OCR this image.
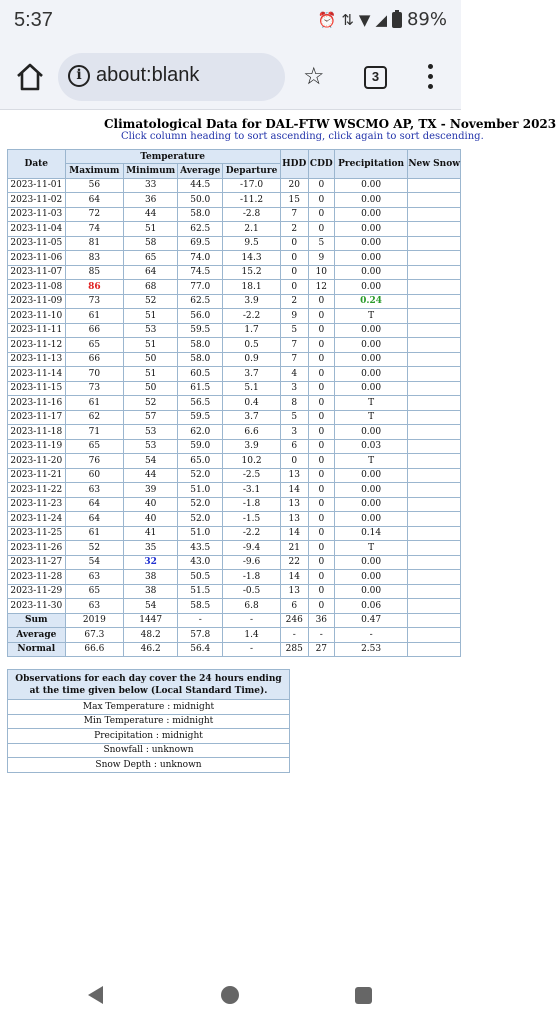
5:37	⏰ ⇅ ▼ ◢ 89%
i about:blank	☆	3
Climatological Data for DAL-FTW WSCMO AP, TX - November 2023
Click column heading to sort ascending, click again to sort descending.
Date	Temperature				HDD	CDD	Precipitation	New Snow
	Maximum	Minimum	Average	Departure				
2023-11-01	56	33	44.5	-17.0	20	0	0.00	
2023-11-02	64	36	50.0	-11.2	15	0	0.00	
2023-11-03	72	44	58.0	-2.8	7	0	0.00	
2023-11-04	74	51	62.5	2.1	2	0	0.00	
2023-11-05	81	58	69.5	9.5	0	5	0.00	
2023-11-06	83	65	74.0	14.3	0	9	0.00	
2023-11-07	85	64	74.5	15.2	0	10	0.00	
2023-11-08	86	68	77.0	18.1	0	12	0.00	
2023-11-09	73	52	62.5	3.9	2	0	0.24	
2023-11-10	61	51	56.0	-2.2	9	0	T	
2023-11-11	66	53	59.5	1.7	5	0	0.00	
2023-11-12	65	51	58.0	0.5	7	0	0.00	
2023-11-13	66	50	58.0	0.9	7	0	0.00	
2023-11-14	70	51	60.5	3.7	4	0	0.00	
2023-11-15	73	50	61.5	5.1	3	0	0.00	
2023-11-16	61	52	56.5	0.4	8	0	T	
2023-11-17	62	57	59.5	3.7	5	0	T	
2023-11-18	71	53	62.0	6.6	3	0	0.00	
2023-11-19	65	53	59.0	3.9	6	0	0.03	
2023-11-20	76	54	65.0	10.2	0	0	T	
2023-11-21	60	44	52.0	-2.5	13	0	0.00	
2023-11-22	63	39	51.0	-3.1	14	0	0.00	
2023-11-23	64	40	52.0	-1.8	13	0	0.00	
2023-11-24	64	40	52.0	-1.5	13	0	0.00	
2023-11-25	61	41	51.0	-2.2	14	0	0.14	
2023-11-26	52	35	43.5	-9.4	21	0	T	
2023-11-27	54	32	43.0	-9.6	22	0	0.00	
2023-11-28	63	38	50.5	-1.8	14	0	0.00	
2023-11-29	65	38	51.5	-0.5	13	0	0.00	
2023-11-30	63	54	58.5	6.8	6	0	0.06	
Sum	2019	1447	-	-	246	36	0.47	
Average	67.3	48.2	57.8	1.4	-	-	-	
Normal	66.6	46.2	56.4	-	285	27	2.53	
Observations for each day cover the 24 hours ending at the time given below (Local Standard Time).
Max Temperature : midnight
Min Temperature : midnight
Precipitation : midnight
Snowfall : unknown
Snow Depth : unknown
